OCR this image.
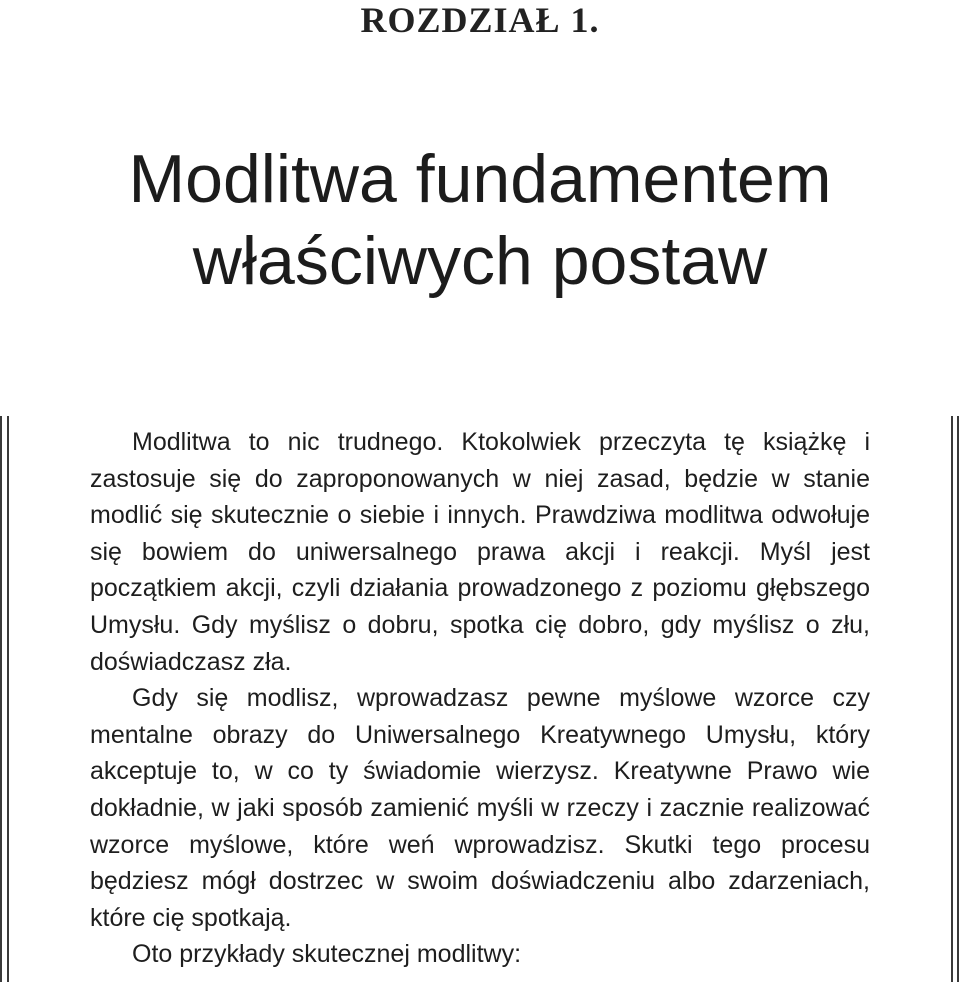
ROZDZIAŁ 1.
Modlitwa fundamentem
właściwych postaw

Modlitwa to nic trudnego. Ktokolwiek przeczyta tę książkę i zastosuje się do zaproponowanych w niej zasad, będzie w stanie modlić się skutecznie o siebie i innych. Prawdziwa modlitwa odwołuje się bowiem do uniwersalnego prawa akcji i reakcji. Myśl jest początkiem akcji, czyli działania prowadzonego z poziomu głębszego Umysłu. Gdy myślisz o dobru, spotka cię dobro, gdy myślisz o złu, doświadczasz zła.

Gdy się modlisz, wprowadzasz pewne myślowe wzorce czy mentalne obrazy do Uniwersalnego Kreatywnego Umysłu, który akceptuje to, w co ty świadomie wierzysz. Kreatywne Prawo wie dokładnie, w jaki sposób zamienić myśli w rzeczy i zacznie realizować wzorce myślowe, które weń wprowadzisz. Skutki tego procesu będziesz mógł dostrzec w swoim doświadczeniu albo zdarzeniach, które cię spotkają.

Oto przykłady skutecznej modlitwy:
